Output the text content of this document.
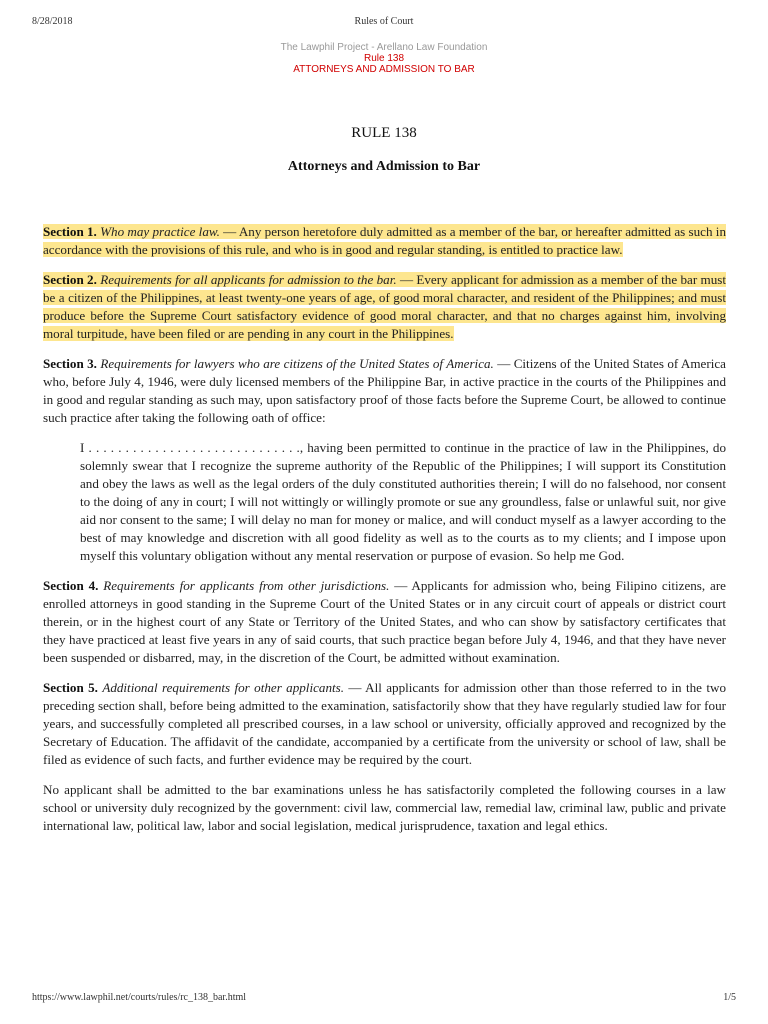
8/28/2018	Rules of Court
The Lawphil Project - Arellano Law Foundation
Rule 138
ATTORNEYS AND ADMISSION TO BAR
RULE 138
Attorneys and Admission to Bar

Section 1. Who may practice law. — Any person heretofore duly admitted as a member of the bar, or hereafter admitted as such in accordance with the provisions of this rule, and who is in good and regular standing, is entitled to practice law.

Section 2. Requirements for all applicants for admission to the bar. — Every applicant for admission as a member of the bar must be a citizen of the Philippines, at least twenty-one years of age, of good moral character, and resident of the Philippines; and must produce before the Supreme Court satisfactory evidence of good moral character, and that no charges against him, involving moral turpitude, have been filed or are pending in any court in the Philippines.

Section 3. Requirements for lawyers who are citizens of the United States of America. — Citizens of the United States of America who, before July 4, 1946, were duly licensed members of the Philippine Bar, in active practice in the courts of the Philippines and in good and regular standing as such may, upon satisfactory proof of those facts before the Supreme Court, be allowed to continue such practice after taking the following oath of office:

I . . . . . . . . . . . . . . . . . . . . . . . . . . . . ., having been permitted to continue in the practice of law in the Philippines, do solemnly swear that I recognize the supreme authority of the Republic of the Philippines; I will support its Constitution and obey the laws as well as the legal orders of the duly constituted authorities therein; I will do no falsehood, nor consent to the doing of any in court; I will not wittingly or willingly promote or sue any groundless, false or unlawful suit, nor give aid nor consent to the same; I will delay no man for money or malice, and will conduct myself as a lawyer according to the best of may knowledge and discretion with all good fidelity as well as to the courts as to my clients; and I impose upon myself this voluntary obligation without any mental reservation or purpose of evasion. So help me God.

Section 4. Requirements for applicants from other jurisdictions. — Applicants for admission who, being Filipino citizens, are enrolled attorneys in good standing in the Supreme Court of the United States or in any circuit court of appeals or district court therein, or in the highest court of any State or Territory of the United States, and who can show by satisfactory certificates that they have practiced at least five years in any of said courts, that such practice began before July 4, 1946, and that they have never been suspended or disbarred, may, in the discretion of the Court, be admitted without examination.

Section 5. Additional requirements for other applicants. — All applicants for admission other than those referred to in the two preceding section shall, before being admitted to the examination, satisfactorily show that they have regularly studied law for four years, and successfully completed all prescribed courses, in a law school or university, officially approved and recognized by the Secretary of Education. The affidavit of the candidate, accompanied by a certificate from the university or school of law, shall be filed as evidence of such facts, and further evidence may be required by the court.

No applicant shall be admitted to the bar examinations unless he has satisfactorily completed the following courses in a law school or university duly recognized by the government: civil law, commercial law, remedial law, criminal law, public and private international law, political law, labor and social legislation, medical jurisprudence, taxation and legal ethics.

https://www.lawphil.net/courts/rules/rc_138_bar.html	1/5
